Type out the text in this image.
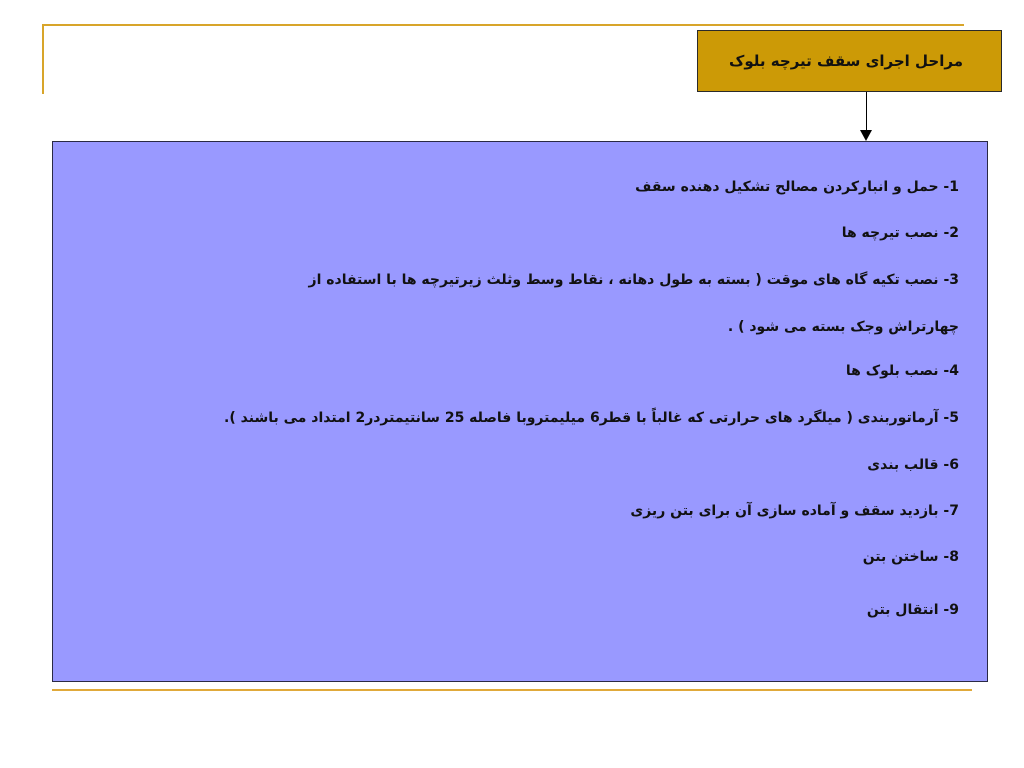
مراحل اجرای سقف تیرچه بلوک
1- حمل و انبارکردن مصالح تشکیل دهنده سقف
2- نصب تیرچه ها
3- نصب تکیه گاه های موقت ( بسته به طول دهانه ، نقاط وسط وثلث زیرتیرچه ها با استفاده از
چهارتراش وجک بسته می شود ) .
4- نصب بلوک ها
5- آرماتوربندی ( میلگرد های حرارتی که غالباً با قطر6 میلیمتروبا فاصله 25 سانتیمتردر2 امتداد می باشند ).
6- قالب بندی
7- بازدید سقف و آماده سازی آن برای بتن ریزی
8- ساختن بتن
9- انتقال بتن
